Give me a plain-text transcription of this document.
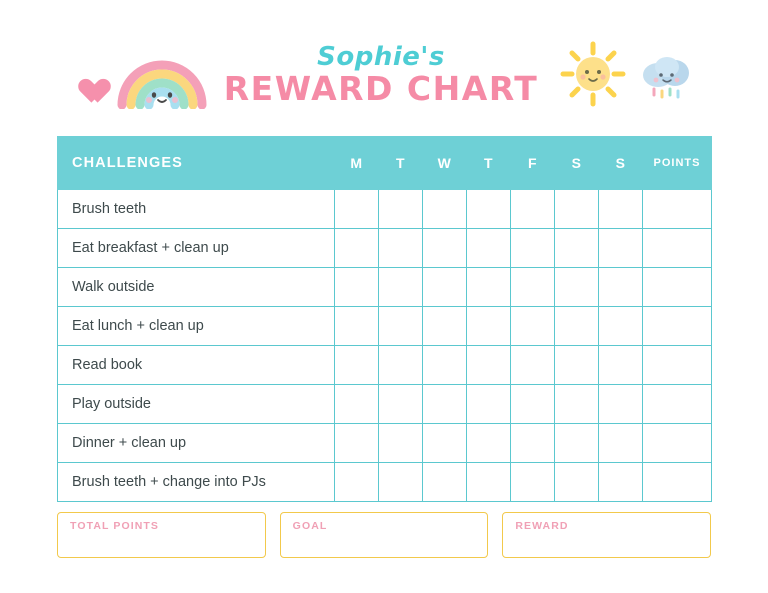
Sophie's
REWARD CHART
CHALLENGES	M	T	W	T	F	S	S	POINTS
Brush teeth								
Eat breakfast + clean up								
Walk outside								
Eat lunch + clean up								
Read book								
Play outside								
Dinner + clean up								
Brush teeth + change into PJs								
TOTAL POINTS	GOAL	REWARD
